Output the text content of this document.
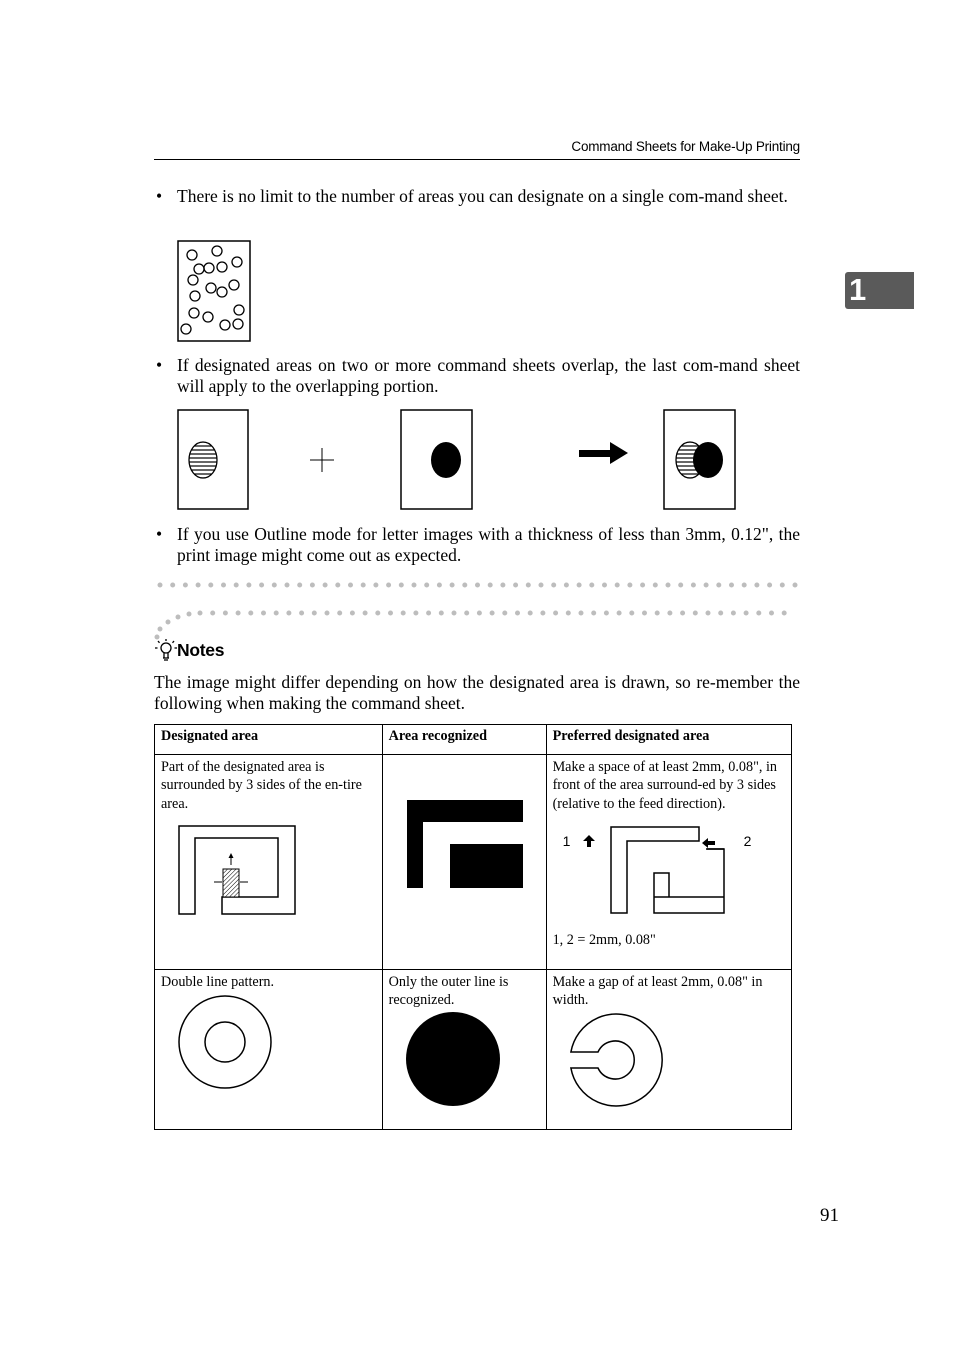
Command Sheets for Make-Up Printing
1
• There is no limit to the number of areas you can designate on a single com-mand sheet.
• If designated areas on two or more command sheets overlap, the last com-mand sheet will apply to the overlapping portion.
• If you use Outline mode for letter images with a thickness of less than 3mm, 0.12", the print image might come out as expected.
Notes
The image might differ depending on how the designated area is drawn, so re-member the following when making the command sheet.
Designated area	Area recognized	Preferred designated area

Part of the designated area is surrounded by 3 sides of the en-tire area.		Make a space of at least 2mm, 0.08", in front of the area surround-ed by 3 sides (relative to the feed direction).
1 2
1, 2 = 2mm, 0.08"

Double line pattern.	Only the outer line is recognized.	Make a gap of at least 2mm, 0.08" in width.
91
